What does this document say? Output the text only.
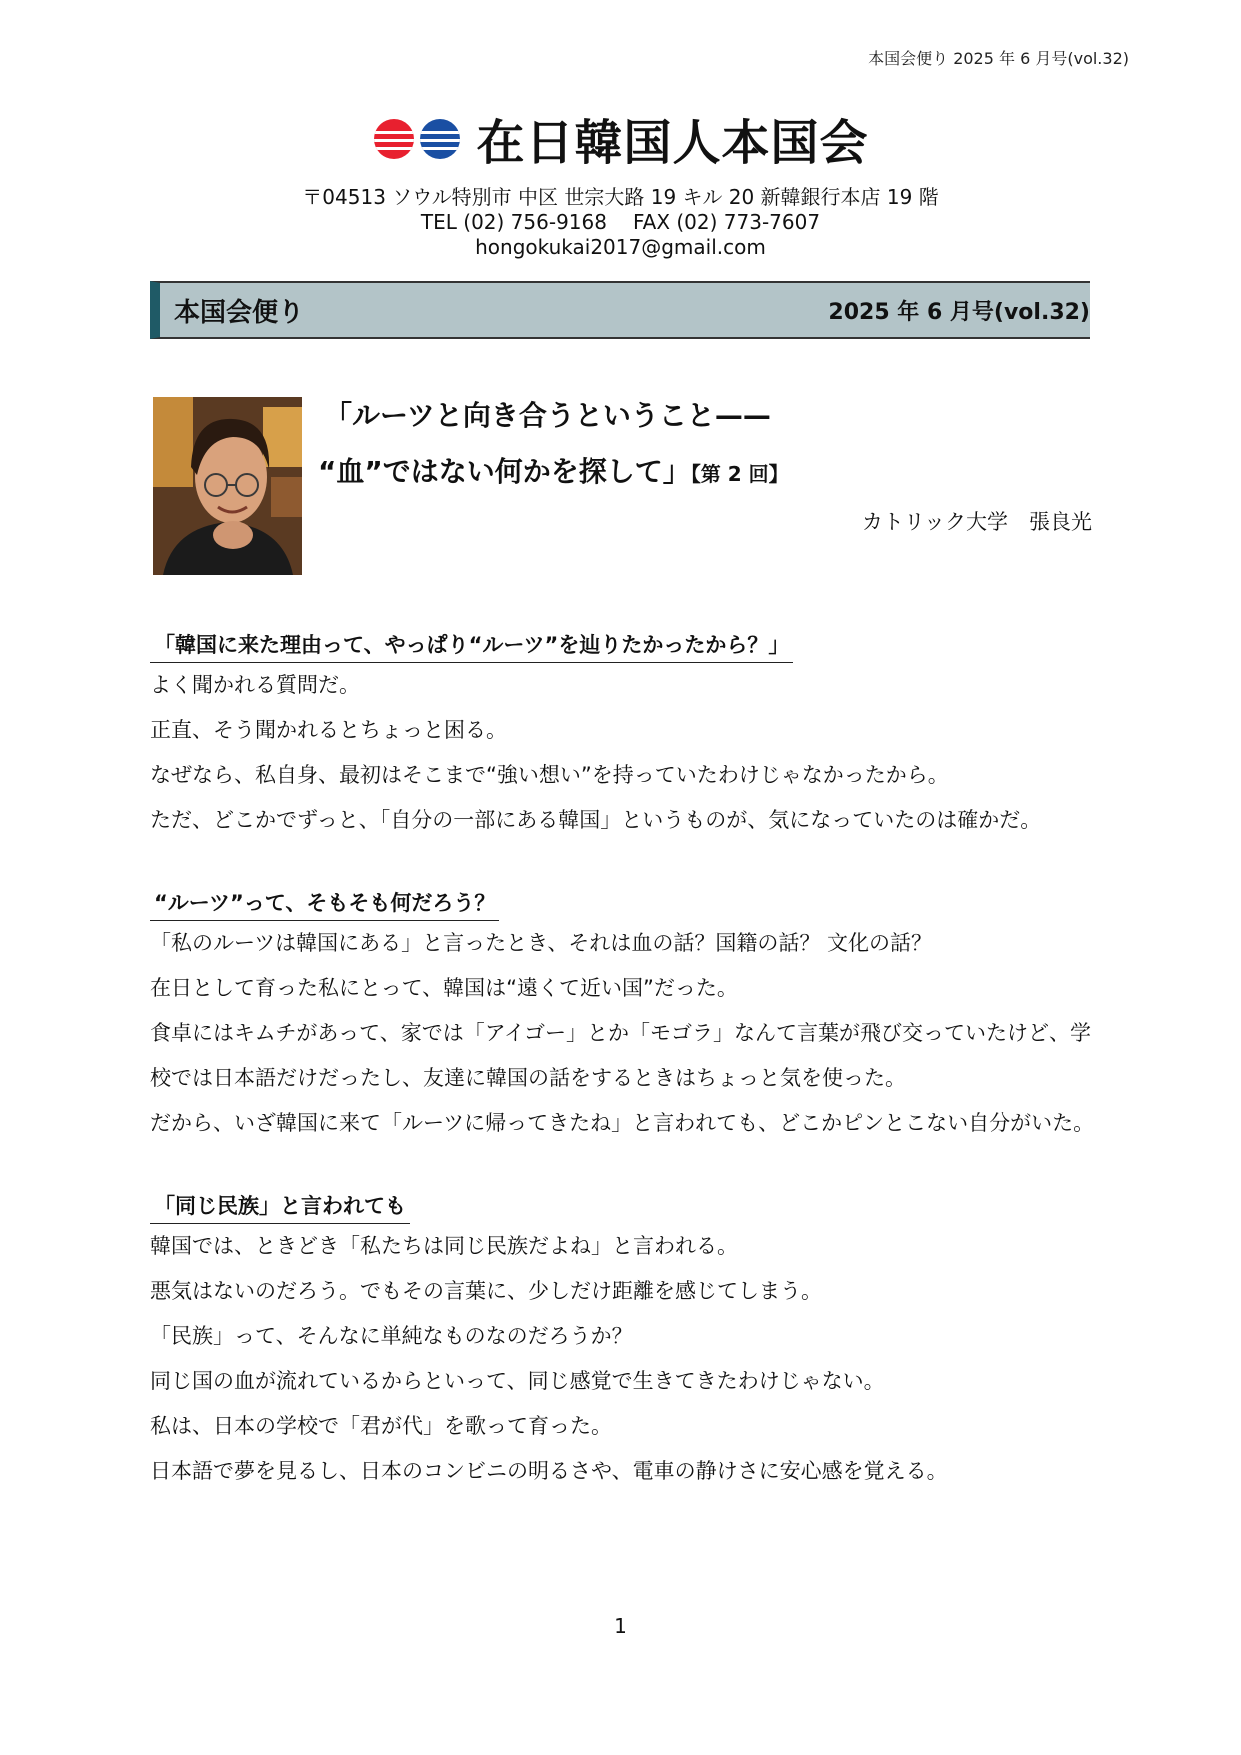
本国会便り 2025 年 6 月号(vol.32)
在日韓国人本国会
〒04513 ソウル特別市 中区 世宗大路 19 キル 20 新韓銀行本店 19 階
TEL (02) 756-9168 FAX (02) 773-7607
hongokukai2017@gmail.com
本国会便り	2025 年 6 月号(vol.32)
「ルーツと向き合うということ——
“血”ではない何かを探して」【第 2 回】
カトリック大学　張良光
「韓国に来た理由って、やっぱり“ルーツ”を辿りたかったから？」

よく聞かれる質問だ。

正直、そう聞かれるとちょっと困る。

なぜなら、私自身、最初はそこまで“強い想い”を持っていたわけじゃなかったから。

ただ、どこかでずっと、「自分の一部にある韓国」というものが、気になっていたのは確かだ。

“ルーツ”って、そもそも何だろう？

「私のルーツは韓国にある」と言ったとき、それは血の話？国籍の話？ 文化の話？

在日として育った私にとって、韓国は“遠くて近い国”だった。

食卓にはキムチがあって、家では「アイゴー」とか「モゴラ」なんて言葉が飛び交っていたけど、学校では日本語だけだったし、友達に韓国の話をするときはちょっと気を使った。

だから、いざ韓国に来て「ルーツに帰ってきたね」と言われても、どこかピンとこない自分がいた。

「同じ民族」と言われても

韓国では、ときどき「私たちは同じ民族だよね」と言われる。

悪気はないのだろう。でもその言葉に、少しだけ距離を感じてしまう。

「民族」って、そんなに単純なものなのだろうか？

同じ国の血が流れているからといって、同じ感覚で生きてきたわけじゃない。

私は、日本の学校で「君が代」を歌って育った。

日本語で夢を見るし、日本のコンビニの明るさや、電車の静けさに安心感を覚える。

1
